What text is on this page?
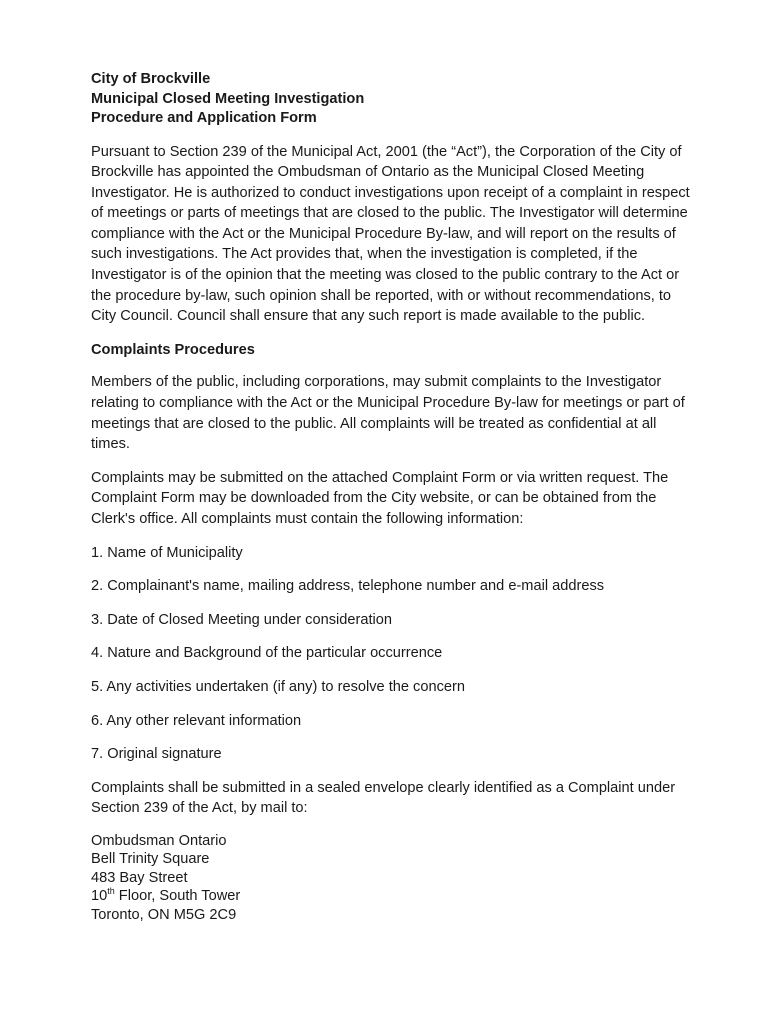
City of Brockville
Municipal Closed Meeting Investigation
Procedure and Application Form

Pursuant to Section 239 of the Municipal Act, 2001 (the “Act”), the Corporation of the City of Brockville has appointed the Ombudsman of Ontario as the Municipal Closed Meeting Investigator. He is authorized to conduct investigations upon receipt of a complaint in respect of meetings or parts of meetings that are closed to the public. The Investigator will determine compliance with the Act or the Municipal Procedure By-law, and will report on the results of such investigations. The Act provides that, when the investigation is completed, if the Investigator is of the opinion that the meeting was closed to the public contrary to the Act or the procedure by-law, such opinion shall be reported, with or without recommendations, to City Council. Council shall ensure that any such report is made available to the public.

Complaints Procedures

Members of the public, including corporations, may submit complaints to the Investigator relating to compliance with the Act or the Municipal Procedure By-law for meetings or part of meetings that are closed to the public. All complaints will be treated as confidential at all times.

Complaints may be submitted on the attached Complaint Form or via written request. The Complaint Form may be downloaded from the City website, or can be obtained from the Clerk's office. All complaints must contain the following information:

1. Name of Municipality
2. Complainant's name, mailing address, telephone number and e-mail address
3. Date of Closed Meeting under consideration
4. Nature and Background of the particular occurrence
5. Any activities undertaken (if any) to resolve the concern
6. Any other relevant information
7. Original signature

Complaints shall be submitted in a sealed envelope clearly identified as a Complaint under Section 239 of the Act, by mail to:

Ombudsman Ontario
Bell Trinity Square
483 Bay Street
10th Floor, South Tower
Toronto, ON M5G 2C9
